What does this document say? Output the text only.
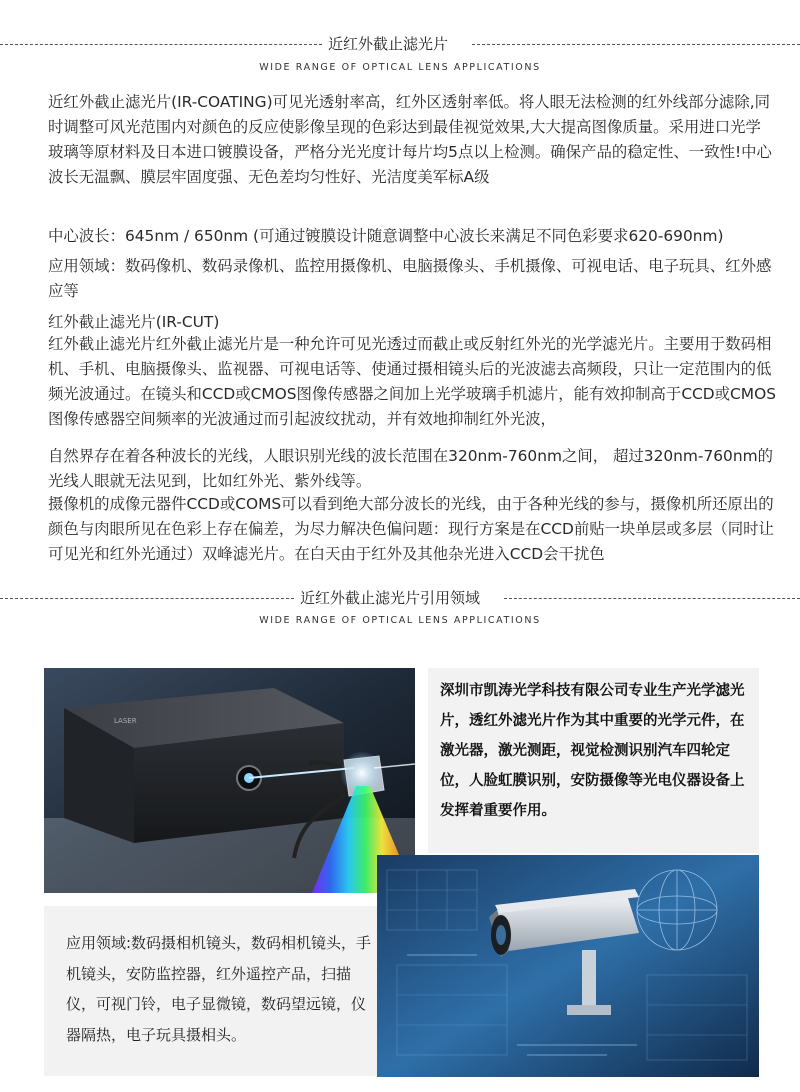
近红外截止滤光片
WIDE RANGE OF OPTICAL LENS APPLICATIONS
近红外截止滤光片(IR-COATING)可见光透射率高，红外区透射率低。将人眼无法检测的红外线部分滤除,同时调整可风光范围内对颜色的反应使影像呈现的色彩达到最佳视觉效果,大大提高图像质量。采用进口光学玻璃等原材料及日本进口镀膜设备，严格分光光度计每片均5点以上检测。确保产品的稳定性、一致性!中心波长无温飘、膜层牢固度强、无色差均匀性好、光洁度美军标A级
中心波长：645nm / 650nm (可通过镀膜设计随意调整中心波长来满足不同色彩要求620-690nm)
应用领域：数码像机、数码录像机、监控用摄像机、电脑摄像头、手机摄像、可视电话、电子玩具、红外感应等
红外截止滤光片(IR-CUT)
红外截止滤光片红外截止滤光片是一种允许可见光透过而截止或反射红外光的光学滤光片。主要用于数码相机、手机、电脑摄像头、监视器、可视电话等、使通过摄相镜头后的光波滤去高频段，只让一定范围内的低频光波通过。在镜头和CCD或CMOS图像传感器之间加上光学玻璃手机滤片，能有效抑制高于CCD或CMOS图像传感器空间频率的光波通过而引起波纹扰动，并有效地抑制红外光波，
自然界存在着各种波长的光线，人眼识别光线的波长范围在320nm-760nm之间， 超过320nm-760nm的光线人眼就无法见到，比如红外光、紫外线等。
摄像机的成像元器件CCD或COMS可以看到绝大部分波长的光线，由于各种光线的参与，摄像机所还原出的颜色与肉眼所见在色彩上存在偏差，为尽力解决色偏问题：现行方案是在CCD前贴一块单层或多层（同时让可见光和红外光通过）双峰滤光片。在白天由于红外及其他杂光进入CCD会干扰色
近红外截止滤光片引用领域
WIDE RANGE OF OPTICAL LENS APPLICATIONS
LASER
深圳市凯涛光学科技有限公司专业生产光学滤光片，透红外滤光片作为其中重要的光学元件，在激光器，激光测距，视觉检测识别汽车四轮定位，人脸虹膜识别，安防摄像等光电仪器设备上发挥着重要作用。
应用领域:数码摄相机镜头，数码相机镜头，手机镜头，安防监控器，红外遥控产品，扫描仪，可视门铃，电子显微镜，数码望远镜，仪器隔热，电子玩具摄相头。
